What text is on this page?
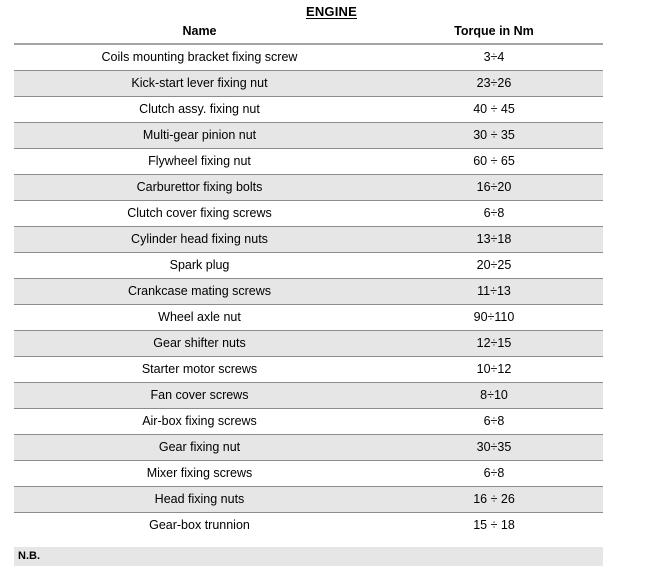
ENGINE
Name	Torque in Nm
Coils mounting bracket fixing screw	3÷4
Kick-start lever fixing nut	23÷26
Clutch assy. fixing nut	40 ÷ 45
Multi-gear pinion nut	30 ÷ 35
Flywheel fixing nut	60 ÷ 65
Carburettor fixing bolts	16÷20
Clutch cover fixing screws	6÷8
Cylinder head fixing nuts	13÷18
Spark plug	20÷25
Crankcase mating screws	11÷13
Wheel axle nut	90÷110
Gear shifter nuts	12÷15
Starter motor screws	10÷12
Fan cover screws	8÷10
Air-box fixing screws	6÷8
Gear fixing nut	30÷35
Mixer fixing screws	6÷8
Head fixing nuts	16 ÷ 26
Gear-box trunnion	15 ÷ 18
N.B.
